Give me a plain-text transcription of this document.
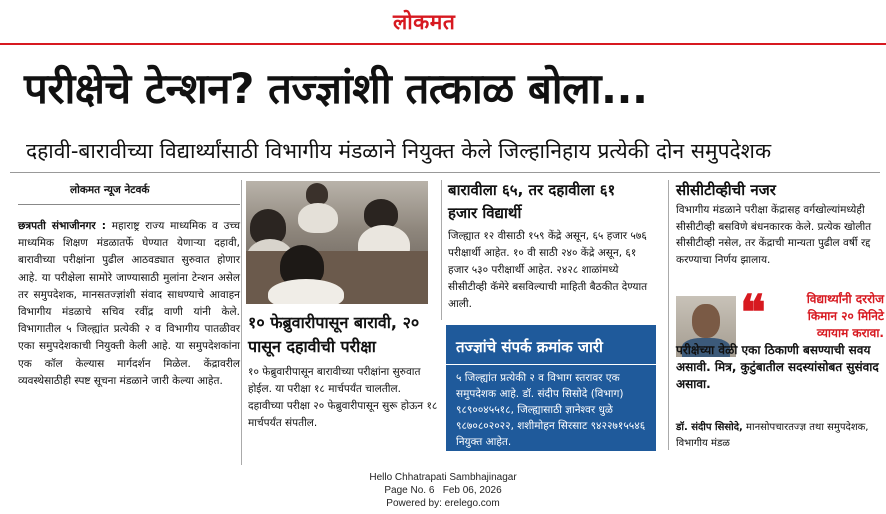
लोकमत
परीक्षेचे टेन्शन? तज्ज्ञांशी तत्काळ बोला...
दहावी-बारावीच्या विद्यार्थ्यांसाठी विभागीय मंडळाने नियुक्त केले जिल्हानिहाय प्रत्येकी दोन समुपदेशक
लोकमत न्यूज नेटवर्क
छत्रपती संभाजीनगर : महाराष्ट्र राज्य माध्यमिक व उच्च माध्यमिक शिक्षण मंडळातर्फे घेण्यात येणाऱ्या दहावी, बारावीच्या परीक्षांना पुढील आठवड्यात सुरुवात होणार आहे. या परीक्षेला सामोरे जाण्यासाठी मुलांना टेन्शन असेल तर समुपदेशक, मानसतज्ज्ञांशी संवाद साधण्याचे आवाहन विभागीय मंडळाचे सचिव रवींद्र वाणी यांनी केले. विभागातील ५ जिल्ह्यांत प्रत्येकी २ व विभागीय पातळीवर एका समुपदेशकाची नियुक्ती केली आहे. या समुपदेशकांना एक कॉल केल्यास मार्गदर्शन मिळेल. केंद्रावरील व्यवस्थेसाठीही स्पष्ट सूचना मंडळाने जारी केल्या आहेत.
१० फेब्रुवारीपासून बारावी, २० पासून दहावीची परीक्षा
१० फेब्रुवारीपासून बारावीच्या परीक्षांना सुरुवात होईल. या परीक्षा १८ मार्चपर्यंत चालतील. दहावीच्या परीक्षा २० फेब्रुवारीपासून सुरू होऊन १८ मार्चपर्यंत संपतील.
बारावीला ६५, तर दहावीला ६१ हजार विद्यार्थी
जिल्ह्यात १२ वीसाठी १५९ केंद्रे असून, ६५ हजार ५७६ परीक्षार्थी आहेत. १० वी साठी २४० केंद्रे असून, ६१ हजार ५३० परीक्षार्थी आहेत. २४२८ शाळांमध्ये सीसीटीव्ही कॅमेरे बसविल्याची माहिती बैठकीत देण्यात आली.
तज्ज्ञांचे संपर्क क्रमांक जारी
५ जिल्ह्यांत प्रत्येकी २ व विभाग स्तरावर एक समुपदेशक आहे. डॉ. संदीप सिसोदे (विभाग) ९८९००४५५१८, जिल्ह्यासाठी ज्ञानेश्वर धुळे ९८७०८०२०२२, शशीमोहन सिरसाट ९४२२७१५५४६ नियुक्त आहेत.
सीसीटीव्हीची नजर
विभागीय मंडळाने परीक्षा केंद्रासह वर्गखोल्यांमध्येही सीसीटीव्ही बसविणे बंधनकारक केले. प्रत्येक खोलीत सीसीटीव्ही नसेल, तर केंद्राची मान्यता पुढील वर्षी रद्द करण्याचा निर्णय झालाय.
❝	विद्यार्थ्यांनी दररोज किमान २० मिनिटे व्यायाम करावा.
परीक्षेच्या वेळी एका ठिकाणी बसण्याची सवय असावी. मित्र, कुटुंबातील सदस्यांसोबत सुसंवाद असावा.
डॉ. संदीप सिसोदे, मानसोपचारतज्ज्ञ तथा समुपदेशक, विभागीय मंडळ
Hello Chhatrapati Sambhajinagar
Page No. 6   Feb 06, 2026
Powered by: erelego.com
